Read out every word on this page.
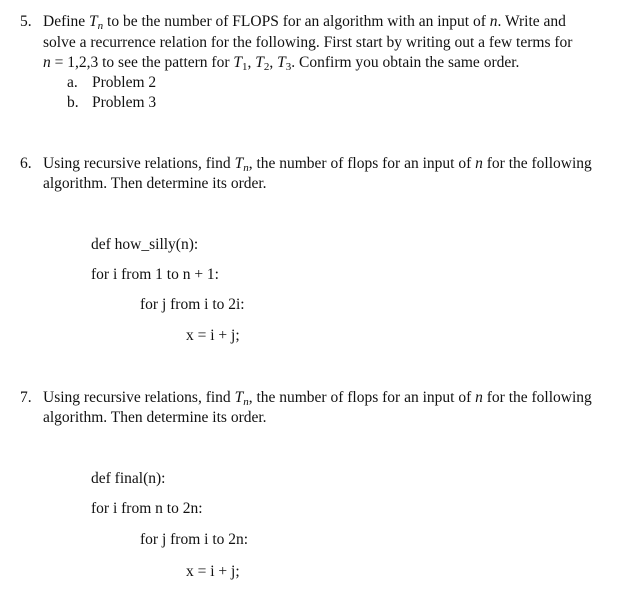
5. Define $T_n$ to be the number of FLOPS for an algorithm with an input of n. Write and
solve a recurrence relation for the following. First start by writing out a few terms for
n = 1,2,3 to see the pattern for $T_1$, $T_2$, $T_3$. Confirm you obtain the same order.
a. Problem 2
b. Problem 3
6. Using recursive relations, find $T_n$, the number of flops for an input of n for the following
algorithm. Then determine its order.
def how_silly(n):
for i from 1 to n + 1:
for j from i to 2i:
x = i + j;
7. Using recursive relations, find $T_n$, the number of flops for an input of n for the following
algorithm. Then determine its order.
def final(n):
for i from n to 2n:
for j from i to 2n:
x = i + j;
